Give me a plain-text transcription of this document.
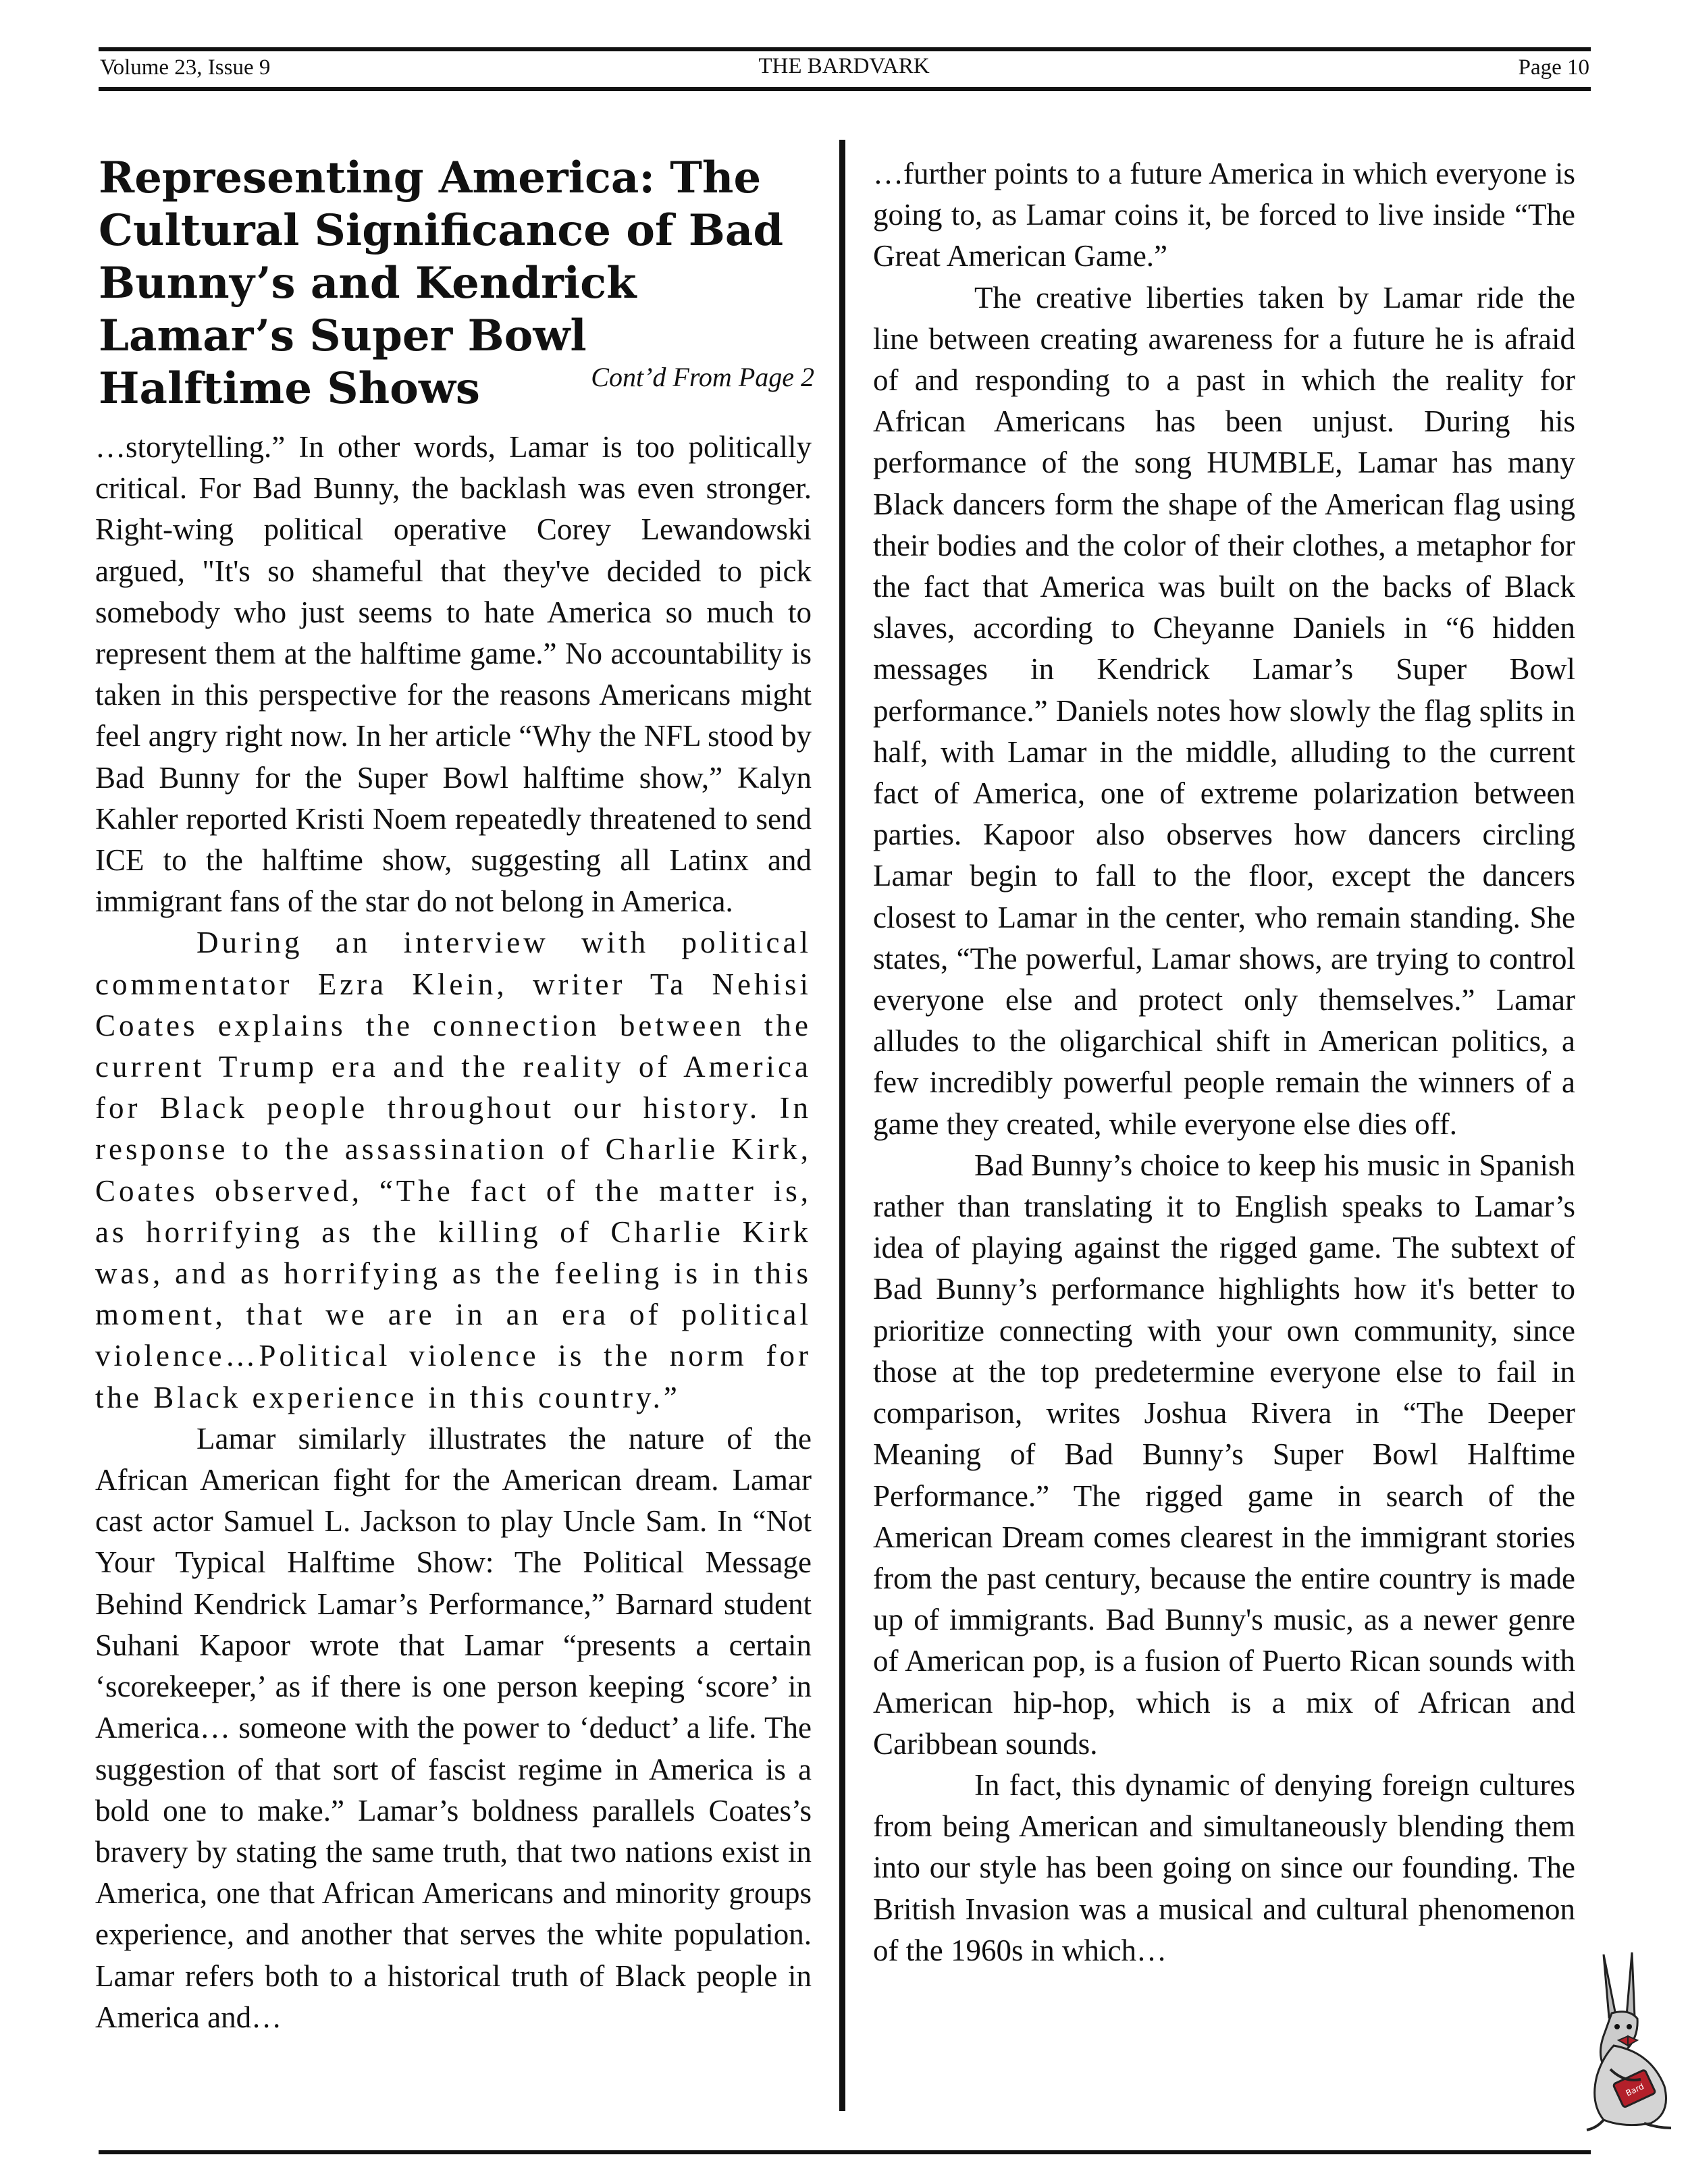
Volume 23, Issue 9	THE BARDVARK	Page 10
Representing America: The Cultural Significance of Bad Bunny’s and Kendrick Lamar’s Super Bowl Halftime Shows	Cont’d From Page 2

…storytelling.” In other words, Lamar is too politically critical. For Bad Bunny, the backlash was even stronger. Right-wing political operative Corey Lewandowski argued, "It's so shameful that they've decided to pick somebody who just seems to hate America so much to represent them at the halftime game.” No accountability is taken in this perspective for the reasons Americans might feel angry right now. In her article “Why the NFL stood by Bad Bunny for the Super Bowl halftime show,” Kalyn Kahler reported Kristi Noem repeatedly threatened to send ICE to the halftime show, suggesting all Latinx and immigrant fans of the star do not belong in America.

During an interview with political commentator Ezra Klein, writer Ta Nehisi Coates explains the connection between the current Trump era and the reality of America for Black people throughout our history. In response to the assassination of Charlie Kirk, Coates observed, “The fact of the matter is, as horrifying as the killing of Charlie Kirk was, and as horrifying as the feeling is in this moment, that we are in an era of political violence…Political violence is the norm for the Black experience in this country.”

Lamar similarly illustrates the nature of the African American fight for the American dream. Lamar cast actor Samuel L. Jackson to play Uncle Sam. In “Not Your Typical Halftime Show: The Political Message Behind Kendrick Lamar’s Performance,” Barnard student Suhani Kapoor wrote that Lamar “presents a certain ‘scorekeeper,’ as if there is one person keeping ‘score’ in America… someone with the power to ‘deduct’ a life. The suggestion of that sort of fascist regime in America is a bold one to make.” Lamar’s boldness parallels Coates’s bravery by stating the same truth, that two nations exist in America, one that African Americans and minority groups experience, and another that serves the white population. Lamar refers both to a historical truth of Black people in America and…

…further points to a future America in which everyone is going to, as Lamar coins it, be forced to live inside “The Great American Game.”

The creative liberties taken by Lamar ride the line between creating awareness for a future he is afraid of and responding to a past in which the reality for African Americans has been unjust. During his performance of the song HUMBLE, Lamar has many Black dancers form the shape of the American flag using their bodies and the color of their clothes, a metaphor for the fact that America was built on the backs of Black slaves, according to Cheyanne Daniels in “6 hidden messages in Kendrick Lamar’s Super Bowl performance.” Daniels notes how slowly the flag splits in half, with Lamar in the middle, alluding to the current fact of America, one of extreme polarization between parties. Kapoor also observes how dancers circling Lamar begin to fall to the floor, except the dancers closest to Lamar in the center, who remain standing. She states, “The powerful, Lamar shows, are trying to control everyone else and protect only themselves.” Lamar alludes to the oligarchical shift in American politics, a few incredibly powerful people remain the winners of a game they created, while everyone else dies off.

Bad Bunny’s choice to keep his music in Spanish rather than translating it to English speaks to Lamar’s idea of playing against the rigged game. The subtext of Bad Bunny’s performance highlights how it's better to prioritize connecting with your own community, since those at the top predetermine everyone else to fail in comparison, writes Joshua Rivera in “The Deeper Meaning of Bad Bunny’s Super Bowl Halftime Performance.” The rigged game in search of the American Dream comes clearest in the immigrant stories from the past century, because the entire country is made up of immigrants. Bad Bunny's music, as a newer genre of American pop, is a fusion of Puerto Rican sounds with American hip-hop, which is a mix of African and Caribbean sounds.

In fact, this dynamic of denying foreign cultures from being American and simultaneously blending them into our style has been going on since our founding. The British Invasion was a musical and cultural phenomenon of the 1960s in which…

Bard
